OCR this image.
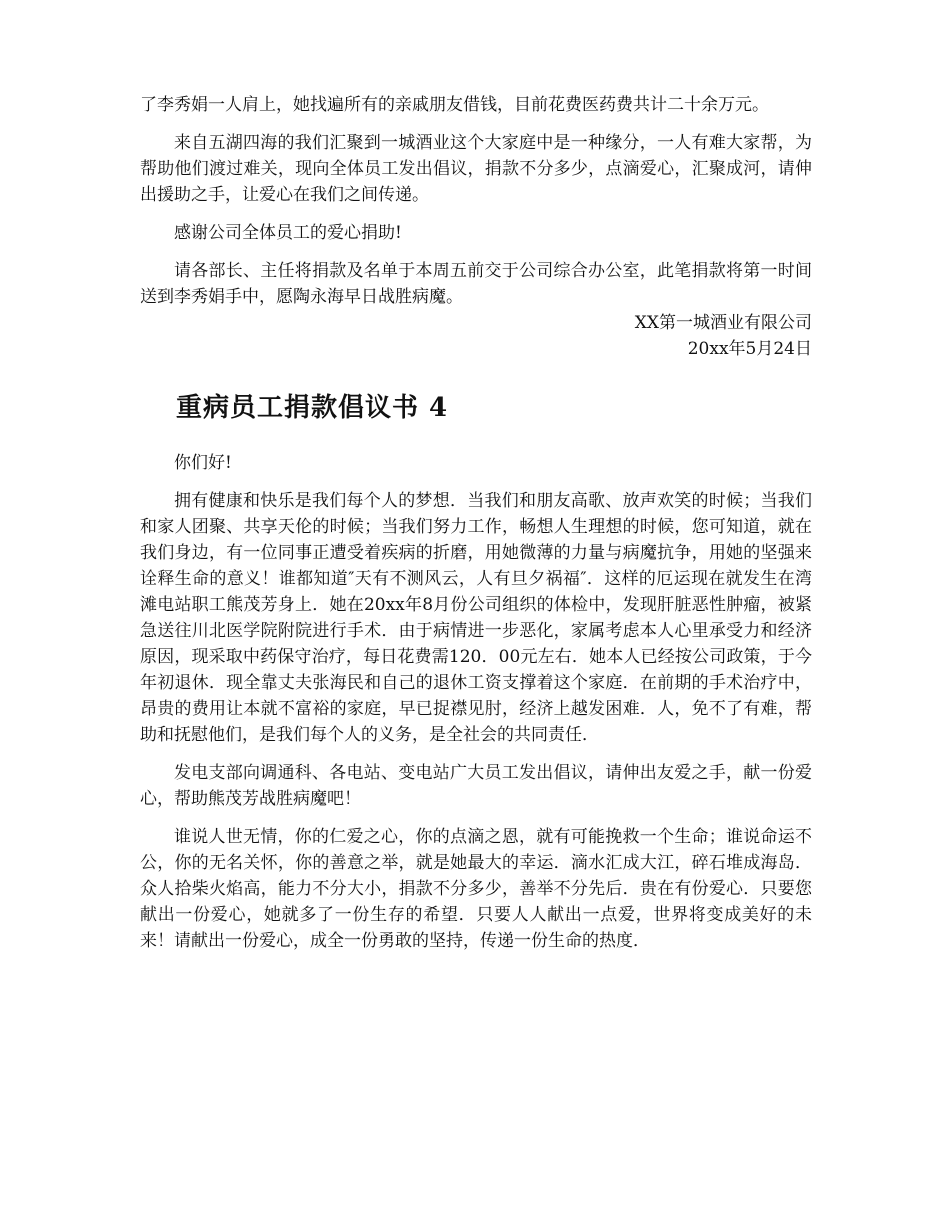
了李秀娟一人肩上，她找遍所有的亲戚朋友借钱，目前花费医药费共计二十余万元。

来自五湖四海的我们汇聚到一城酒业这个大家庭中是一种缘分，一人有难大家帮，为帮助他们渡过难关，现向全体员工发出倡议，捐款不分多少，点滴爱心，汇聚成河，请伸出援助之手，让爱心在我们之间传递。

感谢公司全体员工的爱心捐助!

请各部长、主任将捐款及名单于本周五前交于公司综合办公室，此笔捐款将第一时间送到李秀娟手中，愿陶永海早日战胜病魔。

XX第一城酒业有限公司

20xx年5月24日

重病员工捐款倡议书 4

你们好!

拥有健康和快乐是我们每个人的梦想．当我们和朋友高歌、放声欢笑的时候；当我们和家人团聚、共享天伦的时候；当我们努力工作，畅想人生理想的时候，您可知道，就在我们身边，有一位同事正遭受着疾病的折磨，用她微薄的力量与病魔抗争，用她的坚强来诠释生命的意义！谁都知道″天有不测风云，人有旦夕祸福″．这样的厄运现在就发生在湾滩电站职工熊茂芳身上．她在20xx年8月份公司组织的体检中，发现肝脏恶性肿瘤，被紧急送往川北医学院附院进行手术．由于病情进一步恶化，家属考虑本人心里承受力和经济原因，现采取中药保守治疗，每日花费需120．00元左右．她本人已经按公司政策，于今年初退休．现全靠丈夫张海民和自己的退休工资支撑着这个家庭．在前期的手术治疗中，昂贵的费用让本就不富裕的家庭，早已捉襟见肘，经济上越发困难．人，免不了有难，帮助和抚慰他们，是我们每个人的义务，是全社会的共同责任．

发电支部向调通科、各电站、变电站广大员工发出倡议，请伸出友爱之手，献一份爱心，帮助熊茂芳战胜病魔吧！

谁说人世无情，你的仁爱之心，你的点滴之恩，就有可能挽救一个生命；谁说命运不公，你的无名关怀，你的善意之举，就是她最大的幸运．滴水汇成大江，碎石堆成海岛．众人拾柴火焰高，能力不分大小，捐款不分多少，善举不分先后．贵在有份爱心．只要您献出一份爱心，她就多了一份生存的希望．只要人人献出一点爱，世界将变成美好的未来！请献出一份爱心，成全一份勇敢的坚持，传递一份生命的热度．
